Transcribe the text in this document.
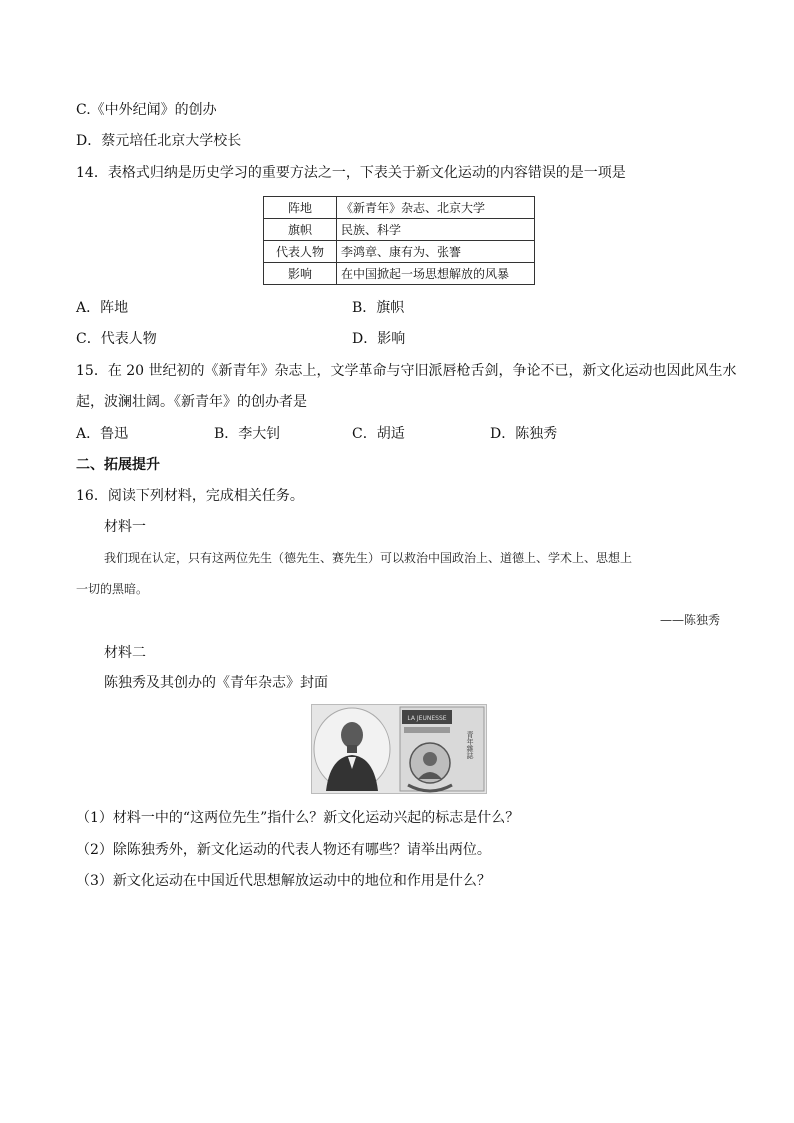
C.《中外纪闻》的创办
D．蔡元培任北京大学校长
14．表格式归纳是历史学习的重要方法之一，下表关于新文化运动的内容错误的是一项是
阵地	《新青年》杂志、北京大学
旗帜	民族、科学
代表人物	李鸿章、康有为、张謇
影响	在中国掀起一场思想解放的风暴
A．阵地	B．旗帜
C．代表人物	D．影响
15．在 20 世纪初的《新青年》杂志上，文学革命与守旧派唇枪舌剑，争论不已，新文化运动也因此风生水
起，波澜壮阔。《新青年》的创办者是
A．鲁迅	B．李大钊	C．胡适	D．陈独秀
二、拓展提升
16．阅读下列材料，完成相关任务。
材料一
我们现在认定，只有这两位先生（德先生、赛先生）可以救治中国政治上、道德上、学术上、思想上
一切的黑暗。
——陈独秀
材料二
陈独秀及其创办的《青年杂志》封面
LA JEUNESSE
青年雜誌
（1）材料一中的“这两位先生”指什么？新文化运动兴起的标志是什么？
（2）除陈独秀外，新文化运动的代表人物还有哪些？请举出两位。
（3）新文化运动在中国近代思想解放运动中的地位和作用是什么？
